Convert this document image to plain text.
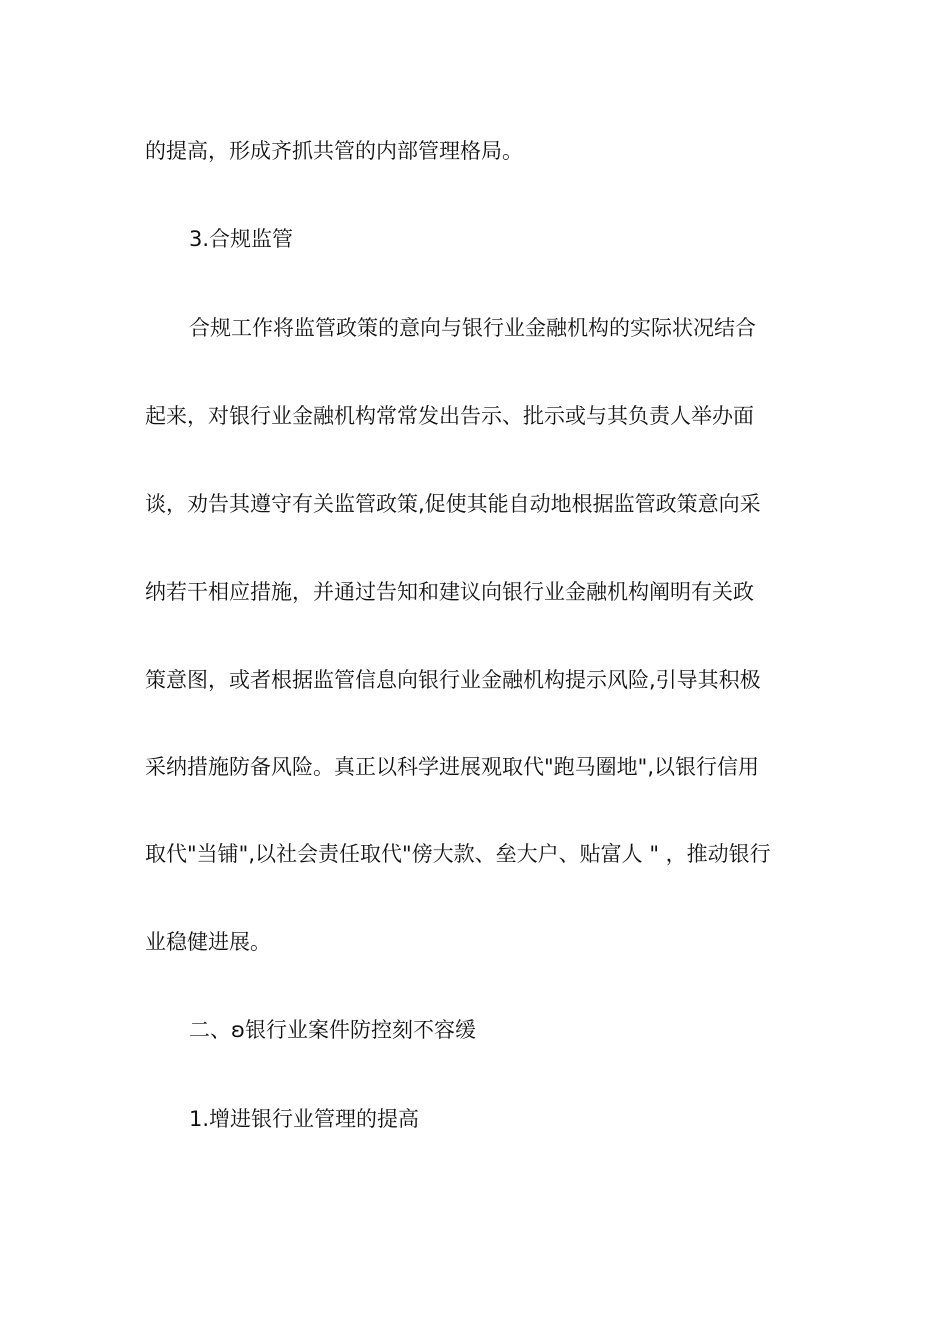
的提高，形成齐抓共管的内部管理格局。
3.合规监管
合规工作将监管政策的意向与银行业金融机构的实际状况结合
起来，对银行业金融机构常常发出告示、批示或与其负责人举办面
谈，劝告其遵守有关监管政策,促使其能自动地根据监管政策意向采
纳若干相应措施，并通过告知和建议向银行业金融机构阐明有关政
策意图，或者根据监管信息向银行业金融机构提示风险,引导其积极
采纳措施防备风险。真正以科学进展观取代"跑马圈地",以银行信用
取代"当铺",以社会责任取代"傍大款、垒大户、贴富人 " ，推动银行
业稳健进展。
二、ʚ银行业案件防控刻不容缓
1.增进银行业管理的提高
